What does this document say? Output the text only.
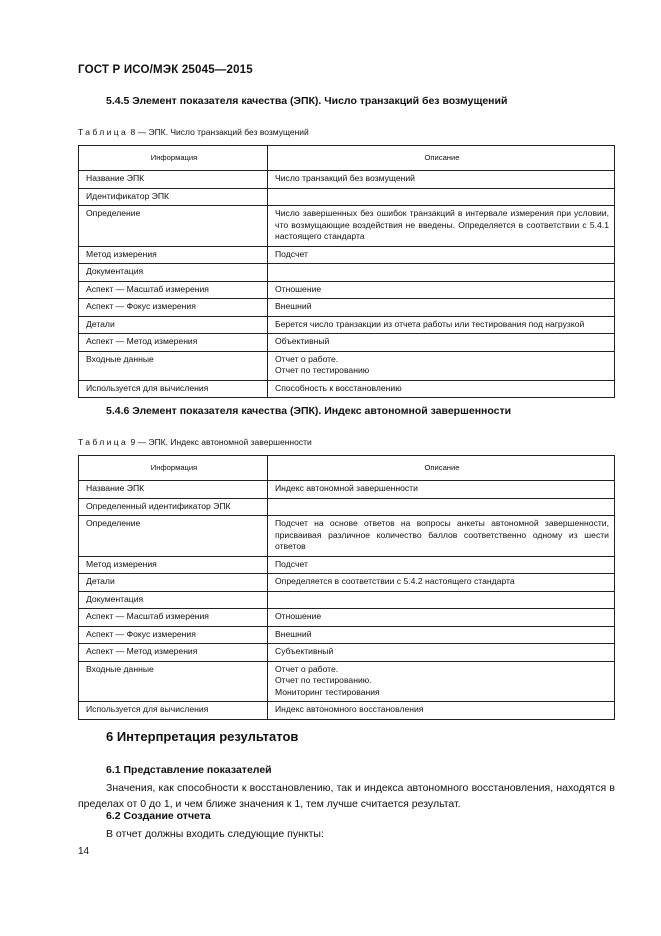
ГОСТ Р ИСО/МЭК 25045—2015
5.4.5 Элемент показателя качества (ЭПК). Число транзакций без возмущений
Таблица 8 — ЭПК. Число транзакций без возмущений
Информация	Описание
Название ЭПК	Число транзакций без возмущений

Идентификатор ЭПК	

Определение	Число завершенных без ошибок транзакций в интервале измерения при условии, что возмущающие воздействия не введены. Определяется в соответствии с 5.4.1 настоящего стандарта

Метод измерения	Подсчет

Документация	

Аспект — Масштаб измерения	Отношение

Аспект — Фокус измерения	Внешний

Детали	Берется число транзакции из отчета работы или тестирования под нагрузкой

Аспект — Метод измерения	Объективный

Входные данные	Отчет о работе.
Отчет по тестированию

Используется для вычисления	Способность к восстановлению
5.4.6 Элемент показателя качества (ЭПК). Индекс автономной завершенности
Таблица 9 — ЭПК. Индекс автономной завершенности
Информация	Описание
Название ЭПК	Индекс автономной завершенности

Определенный идентификатор ЭПК	

Определение	Подсчет на основе ответов на вопросы анкеты автономной завершенности, присваивая различное количество баллов соответственно одному из шести ответов

Метод измерения	Подсчет

Детали	Определяется в соответствии с 5.4.2 настоящего стандарта

Документация	

Аспект — Масштаб измерения	Отношение

Аспект — Фокус измерения	Внешний

Аспект — Метод измерения	Субъективный

Входные данные	Отчет о работе.
Отчет по тестированию.
Мониторинг тестирования

Используется для вычисления	Индекс автономного восстановления
6 Интерпретация результатов
6.1 Представление показателей
Значения, как способности к восстановлению, так и индекса автономного восстановления, находятся в пределах от 0 до 1, и чем ближе значения к 1, тем лучше считается результат.
6.2 Создание отчета
В отчет должны входить следующие пункты:
14
